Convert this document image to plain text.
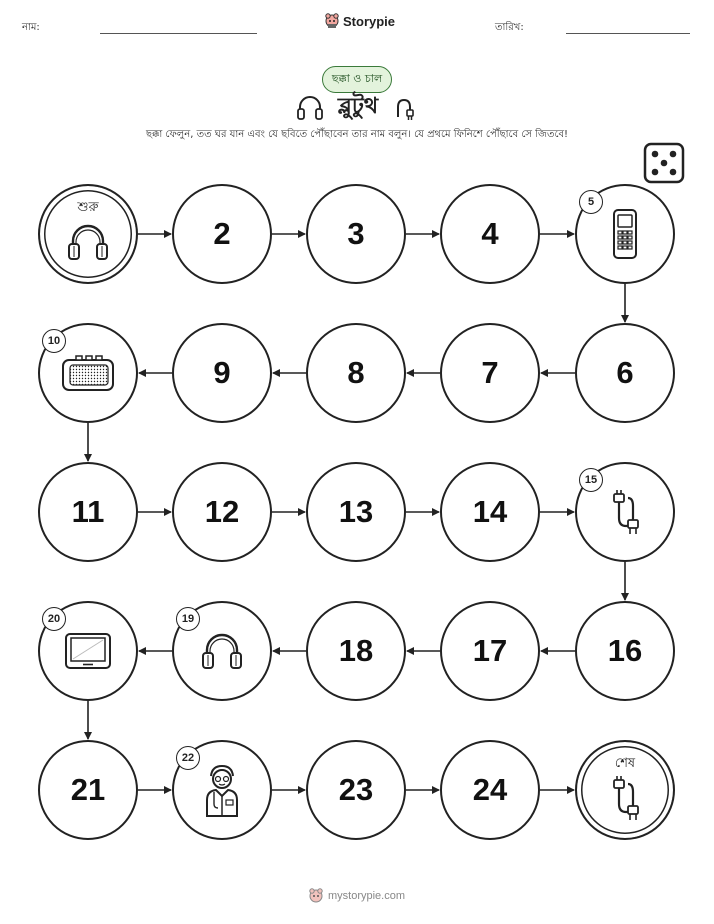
নাম:	Storypie	তারিখ:
ছক্কা ও চাল
ব্লুটুথ
ছক্কা ফেলুন, তত ঘর যান এবং যে ছবিতে পৌঁছাবেন তার নাম বলুন। যে প্রথমে ফিনিশে পৌঁছাবে সে জিতবে!
শুরু
2	3	4
5
6
7
8
9
10
11	12	13	14
15
16
17
18
19
20
21
22
23	24
শেষ
mystorypie.com
